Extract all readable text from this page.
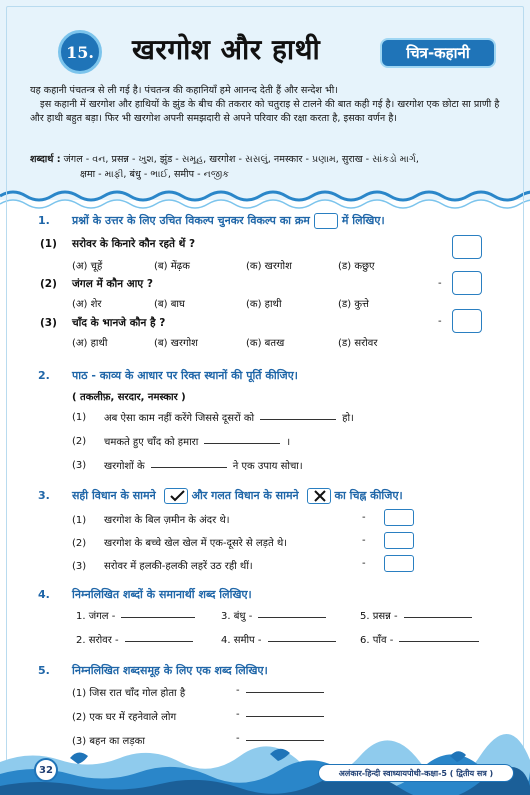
15. खरगोश और हाथी	चित्र-कहानी

यह कहानी पंचतन्त्र से ली गई है। पंचतन्त्र की कहानियाँ हमे आनन्द देती हैं और सन्देश भी।

इस कहानी में खरगोश और हाथियों के झुंड के बीच की तकरार को चतुराइ से टालने की बात कही गई है। खरगोश एक छोटा सा प्राणी है और हाथी बहुत बड़ा। फिर भी खरगोश अपनी समझदारी से अपने परिवार की रक्षा करता है, इसका वर्णन है।

शब्दार्थ : जंगल - વન, प्रसन्न - ખુશ, झुंड - સમૂહ, खरगोश - સસલું, नमस्कार - પ્રણામ, सुराख - સાંકડો માર્ગ,
क्षमा - માફી, बंधु - ભાઈ, समीप - નજીક
1. प्रश्नों के उत्तर के लिए उचित विकल्प चुनकर विकल्प का क्रम	में लिखिए।
(1) सरोवर के किनारे कौन रहते थें ?
(अ) चूहें	(ब) मेंढ़क	(क) खरगोश	(ड) कछुए
(2) जंगल में कौन आए ?
(अ) शेर	(ब) बाघ	(क) हाथी	(ड) कुत्ते
-
(3) चाँद के भानजे कौन है ?
(अ) हाथी	(ब) खरगोश	(क) बतख	(ड) सरोवर
-
2. पाठ - काव्य के आधार पर रिक्त स्थानों की पूर्ति कीजिए।
( तकलीफ़, सरदार, नमस्कार )
(1)	अब ऐसा काम नहीं करेंगे जिससे दूसरों को	हो।
(2)	चमकते हुए चाँद को हमारा	।
(3)	खरगोशों के	ने एक उपाय सोचा।
3. सही विधान के सामने	और गलत विधान के सामने	का चिह्न कीजिए।
(1) खरगोश के बिल ज़मीन के अंदर थे।	-
(2) खरगोश के बच्चे खेल खेल में एक-दूसरे से लड़ते थे।	-
(3) सरोवर में हलकी-हलकी लहरें उठ रही थीं।	-
4. निम्नलिखित शब्दों के समानार्थी शब्द लिखिए।
1. जंगल -	3. बंधु -	5. प्रसन्न -
2. सरोवर -	4. समीप -	6. पाँव -
5. निम्नलिखित शब्दसमूह के लिए एक शब्द लिखिए।
(1) जिस रात चाँद गोल होता है	-
(2) एक घर में रहनेवाले लोग	-
(3) बहन का लड़का	-
32	अलंकार-हिन्दी स्वाध्यायपोथी-कक्षा-5 ( द्वितीय सत्र )
